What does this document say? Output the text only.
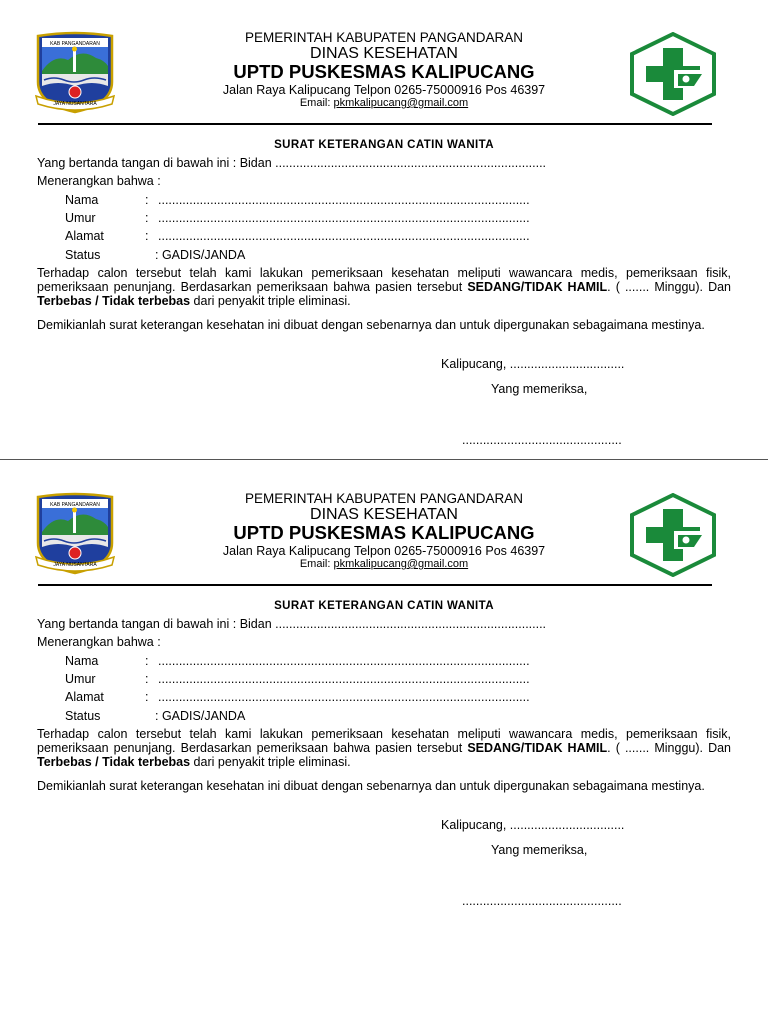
KAB PANGANDARAN
JAYA NUSANTARA
PEMERINTAH KABUPATEN PANGANDARAN
DINAS KESEHATAN
UPTD PUSKESMAS KALIPUCANG
Jalan Raya Kalipucang Telpon 0265-75000916 Pos 46397
Email: pkmkalipucang@gmail.com
SURAT KETERANGAN CATIN WANITA
Yang bertanda tangan di bawah ini : Bidan ..............................................................................
Menerangkan bahwa :
Nama	: ...........................................................................................................
Umur	: ...........................................................................................................
Alamat	: ...........................................................................................................
Status	: GADIS/JANDA
Terhadap calon tersebut telah kami lakukan pemeriksaan kesehatan meliputi wawancara medis, pemeriksaan fisik, pemeriksaan penunjang. Berdasarkan pemeriksaan bahwa pasien tersebut SEDANG/TIDAK HAMIL. ( ....... Minggu). Dan Terbebas / Tidak terbebas dari penyakit triple eliminasi.
Demikianlah surat keterangan kesehatan ini dibuat dengan sebenarnya dan untuk dipergunakan sebagaimana mestinya.
Kalipucang, .................................
Yang memeriksa,
..............................................
KAB PANGANDARAN
JAYA NUSANTARA
PEMERINTAH KABUPATEN PANGANDARAN
DINAS KESEHATAN
UPTD PUSKESMAS KALIPUCANG
Jalan Raya Kalipucang Telpon 0265-75000916 Pos 46397
Email: pkmkalipucang@gmail.com
SURAT KETERANGAN CATIN WANITA
Yang bertanda tangan di bawah ini : Bidan ..............................................................................
Menerangkan bahwa :
Nama	: ...........................................................................................................
Umur	: ...........................................................................................................
Alamat	: ...........................................................................................................
Status	: GADIS/JANDA
Terhadap calon tersebut telah kami lakukan pemeriksaan kesehatan meliputi wawancara medis, pemeriksaan fisik, pemeriksaan penunjang. Berdasarkan pemeriksaan bahwa pasien tersebut SEDANG/TIDAK HAMIL. ( ....... Minggu). Dan Terbebas / Tidak terbebas dari penyakit triple eliminasi.
Demikianlah surat keterangan kesehatan ini dibuat dengan sebenarnya dan untuk dipergunakan sebagaimana mestinya.
Kalipucang, .................................
Yang memeriksa,
..............................................
